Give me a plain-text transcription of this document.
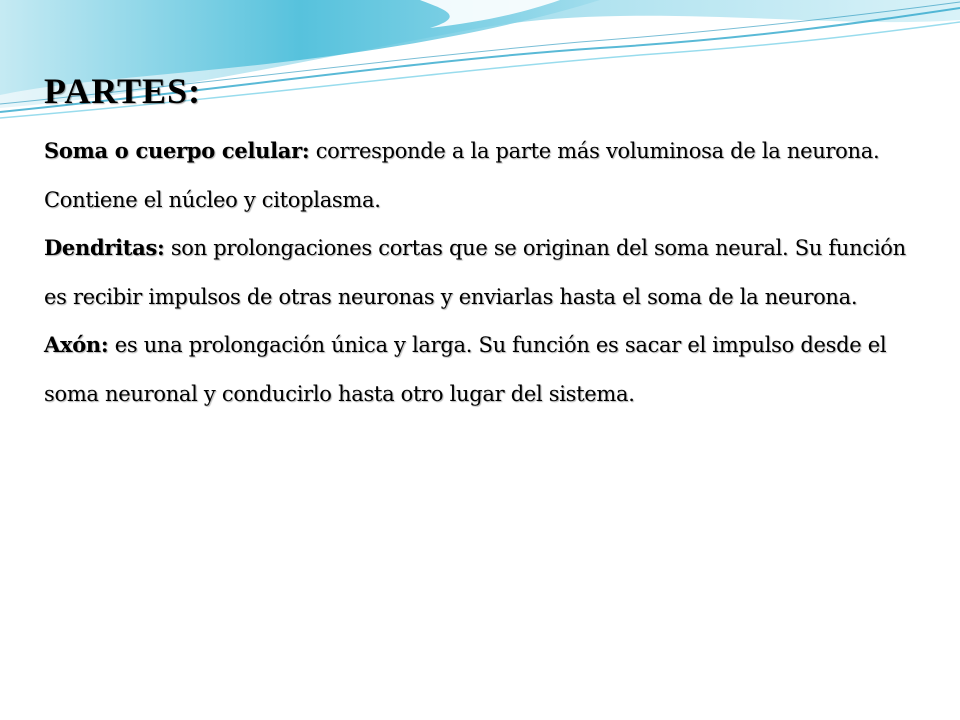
PARTES:

Soma o cuerpo celular: corresponde a la parte más voluminosa de la neurona. Contiene el núcleo y citoplasma.

Dendritas: son prolongaciones cortas que se originan del soma neural. Su función es recibir impulsos de otras neuronas y enviarlas hasta el soma de la neurona.

Axón: es una prolongación única y larga. Su función es sacar el impulso desde el soma neuronal y conducirlo hasta otro lugar del sistema.
